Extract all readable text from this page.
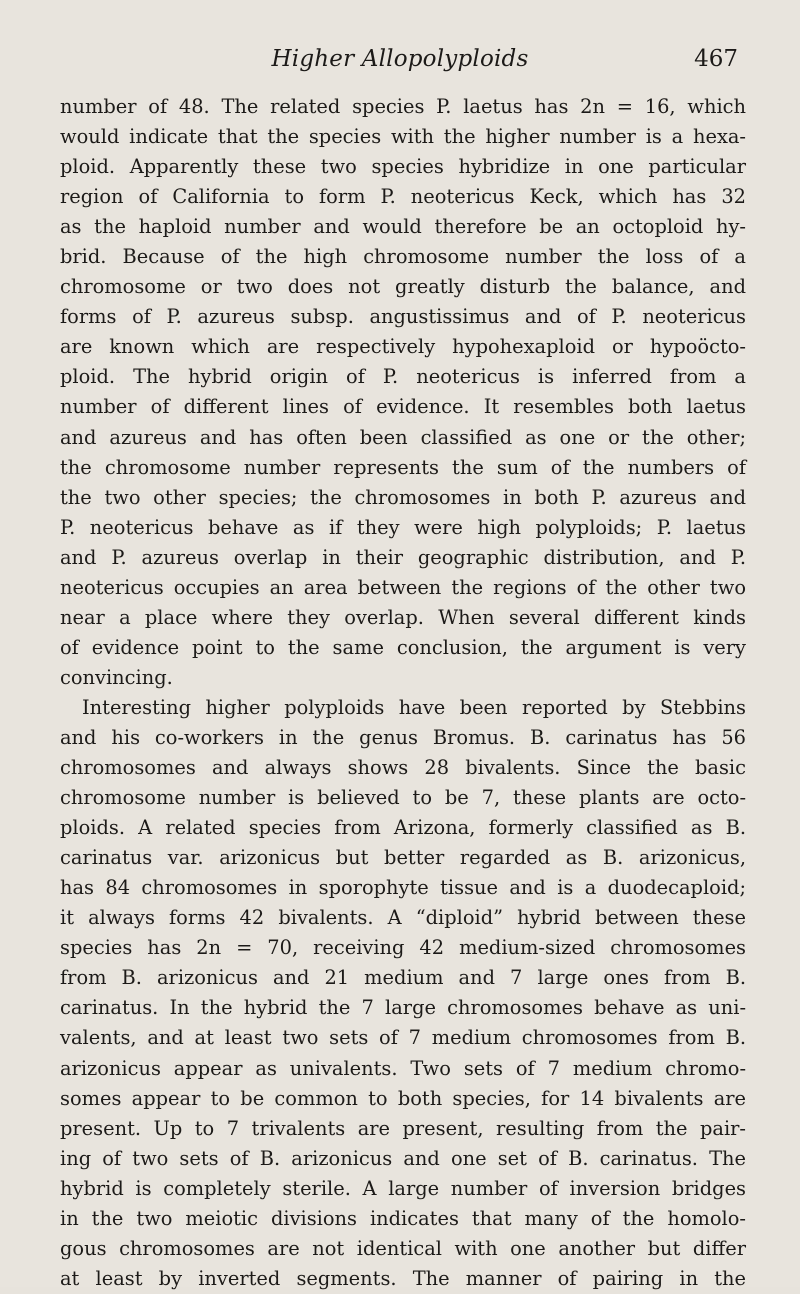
Higher Allopolyploids	467
number of 48. The related species P. laetus has 2n = 16, which
would indicate that the species with the higher number is a hexa-
ploid. Apparently these two species hybridize in one particular
region of California to form P. neotericus Keck, which has 32
as the haploid number and would therefore be an octoploid hy-
brid. Because of the high chromosome number the loss of a
chromosome or two does not greatly disturb the balance, and
forms of P. azureus subsp. angustissimus and of P. neotericus
are known which are respectively hypohexaploid or hypoöcto-
ploid. The hybrid origin of P. neotericus is inferred from a
number of different lines of evidence. It resembles both laetus
and azureus and has often been classified as one or the other;
the chromosome number represents the sum of the numbers of
the two other species; the chromosomes in both P. azureus and
P. neotericus behave as if they were high polyploids; P. laetus
and P. azureus overlap in their geographic distribution, and P.
neotericus occupies an area between the regions of the other two
near a place where they overlap. When several different kinds
of evidence point to the same conclusion, the argument is very
convincing.
Interesting higher polyploids have been reported by Stebbins
and his co-workers in the genus Bromus. B. carinatus has 56
chromosomes and always shows 28 bivalents. Since the basic
chromosome number is believed to be 7, these plants are octo-
ploids. A related species from Arizona, formerly classified as B.
carinatus var. arizonicus but better regarded as B. arizonicus,
has 84 chromosomes in sporophyte tissue and is a duodecaploid;
it always forms 42 bivalents. A “diploid” hybrid between these
species has 2n = 70, receiving 42 medium-sized chromosomes
from B. arizonicus and 21 medium and 7 large ones from B.
carinatus. In the hybrid the 7 large chromosomes behave as uni-
valents, and at least two sets of 7 medium chromosomes from B.
arizonicus appear as univalents. Two sets of 7 medium chromo-
somes appear to be common to both species, for 14 bivalents are
present. Up to 7 trivalents are present, resulting from the pair-
ing of two sets of B. arizonicus and one set of B. carinatus. The
hybrid is completely sterile. A large number of inversion bridges
in the two meiotic divisions indicates that many of the homolo-
gous chromosomes are not identical with one another but differ
at least by inverted segments. The manner of pairing in the
